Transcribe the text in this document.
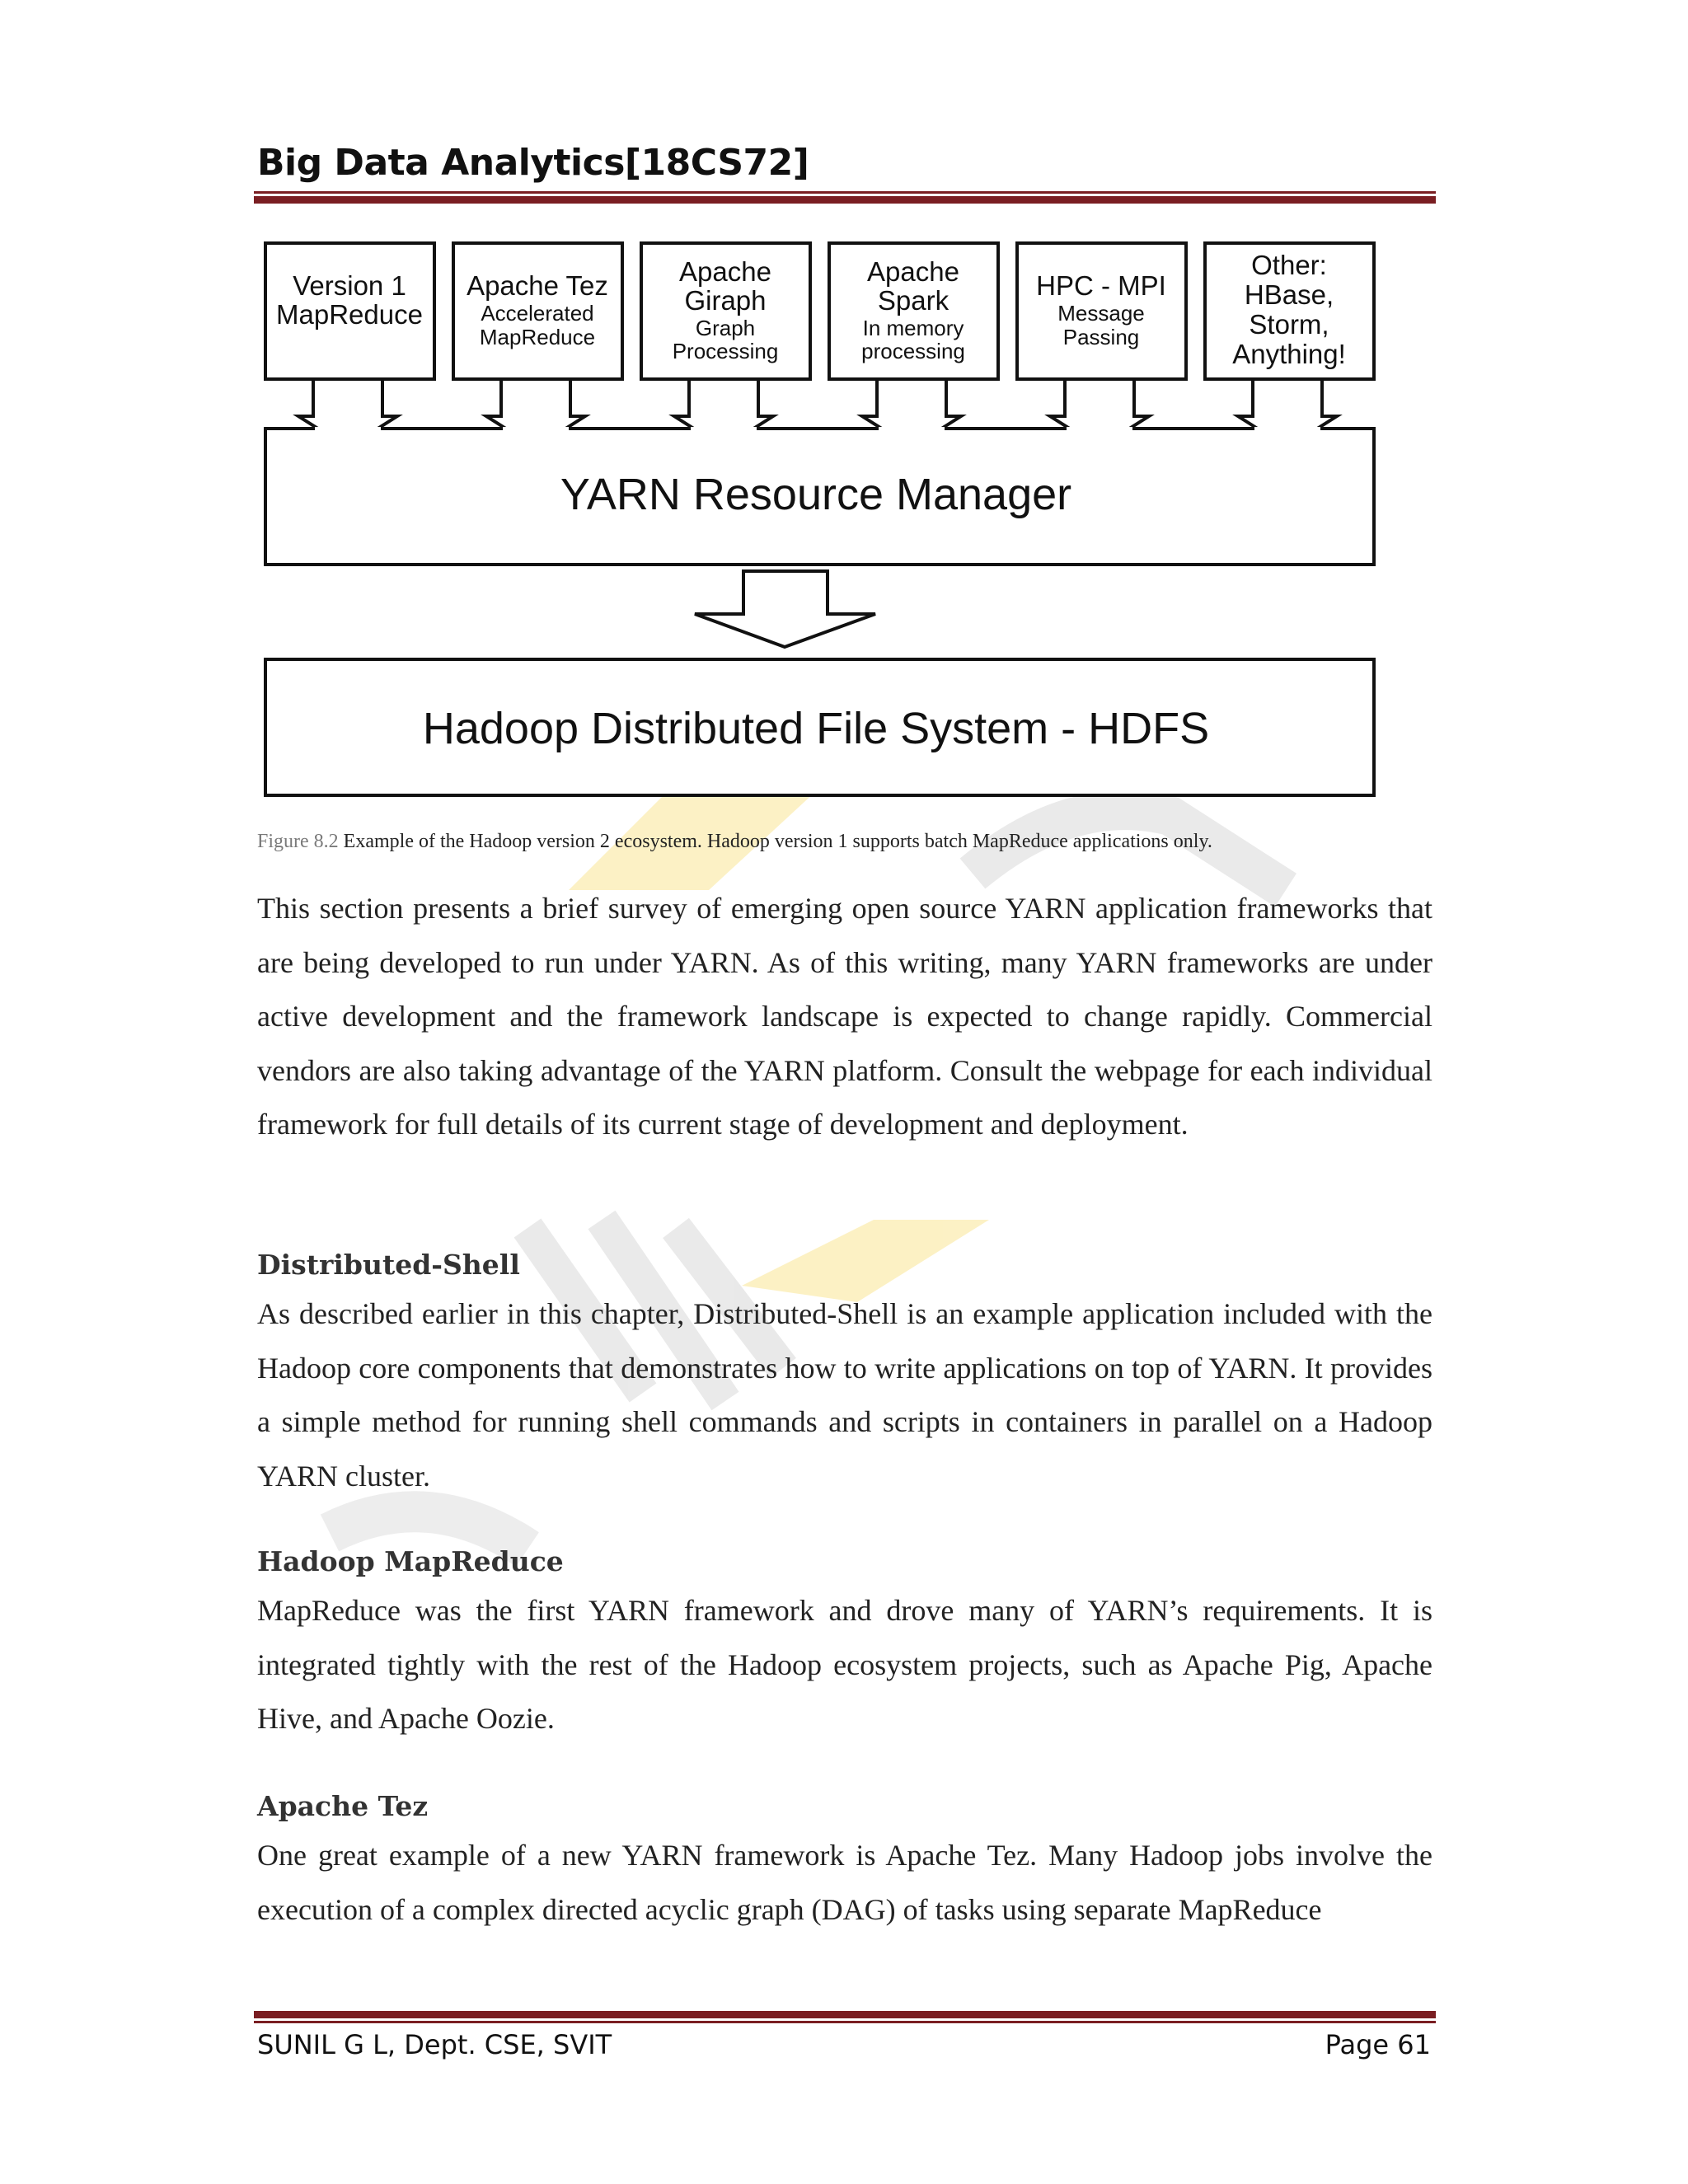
Big Data Analytics[18CS72]
Version 1
MapReduce
Apache Tez
Accelerated
MapReduce
Apache
Giraph
Graph
Processing
Apache
Spark
In memory
processing
HPC - MPI
Message
Passing
Other:
HBase,
Storm,
Anything!
YARN Resource Manager
Hadoop Distributed File System - HDFS

Figure 8.2 Example of the Hadoop version 2 ecosystem. Hadoop version 1 supports batch MapReduce applications only.

This section presents a brief survey of emerging open source YARN application frameworks that are being developed to run under YARN. As of this writing, many YARN frameworks are under active development and the framework landscape is expected to change rapidly. Commercial vendors are also taking advantage of the YARN platform. Consult the webpage for each individual framework for full details of its current stage of development and deployment.

Distributed-Shell

As described earlier in this chapter, Distributed-Shell is an example application included with the Hadoop core components that demonstrates how to write applications on top of YARN. It provides a simple method for running shell commands and scripts in containers in parallel on a Hadoop YARN cluster.

Hadoop MapReduce

MapReduce was the first YARN framework and drove many of YARN’s requirements. It is integrated tightly with the rest of the Hadoop ecosystem projects, such as Apache Pig, Apache Hive, and Apache Oozie.

Apache Tez

One great example of a new YARN framework is Apache Tez. Many Hadoop jobs involve the execution of a complex directed acyclic graph (DAG) of tasks using separate MapReduce

SUNIL G L, Dept. CSE, SVIT	Page 61
